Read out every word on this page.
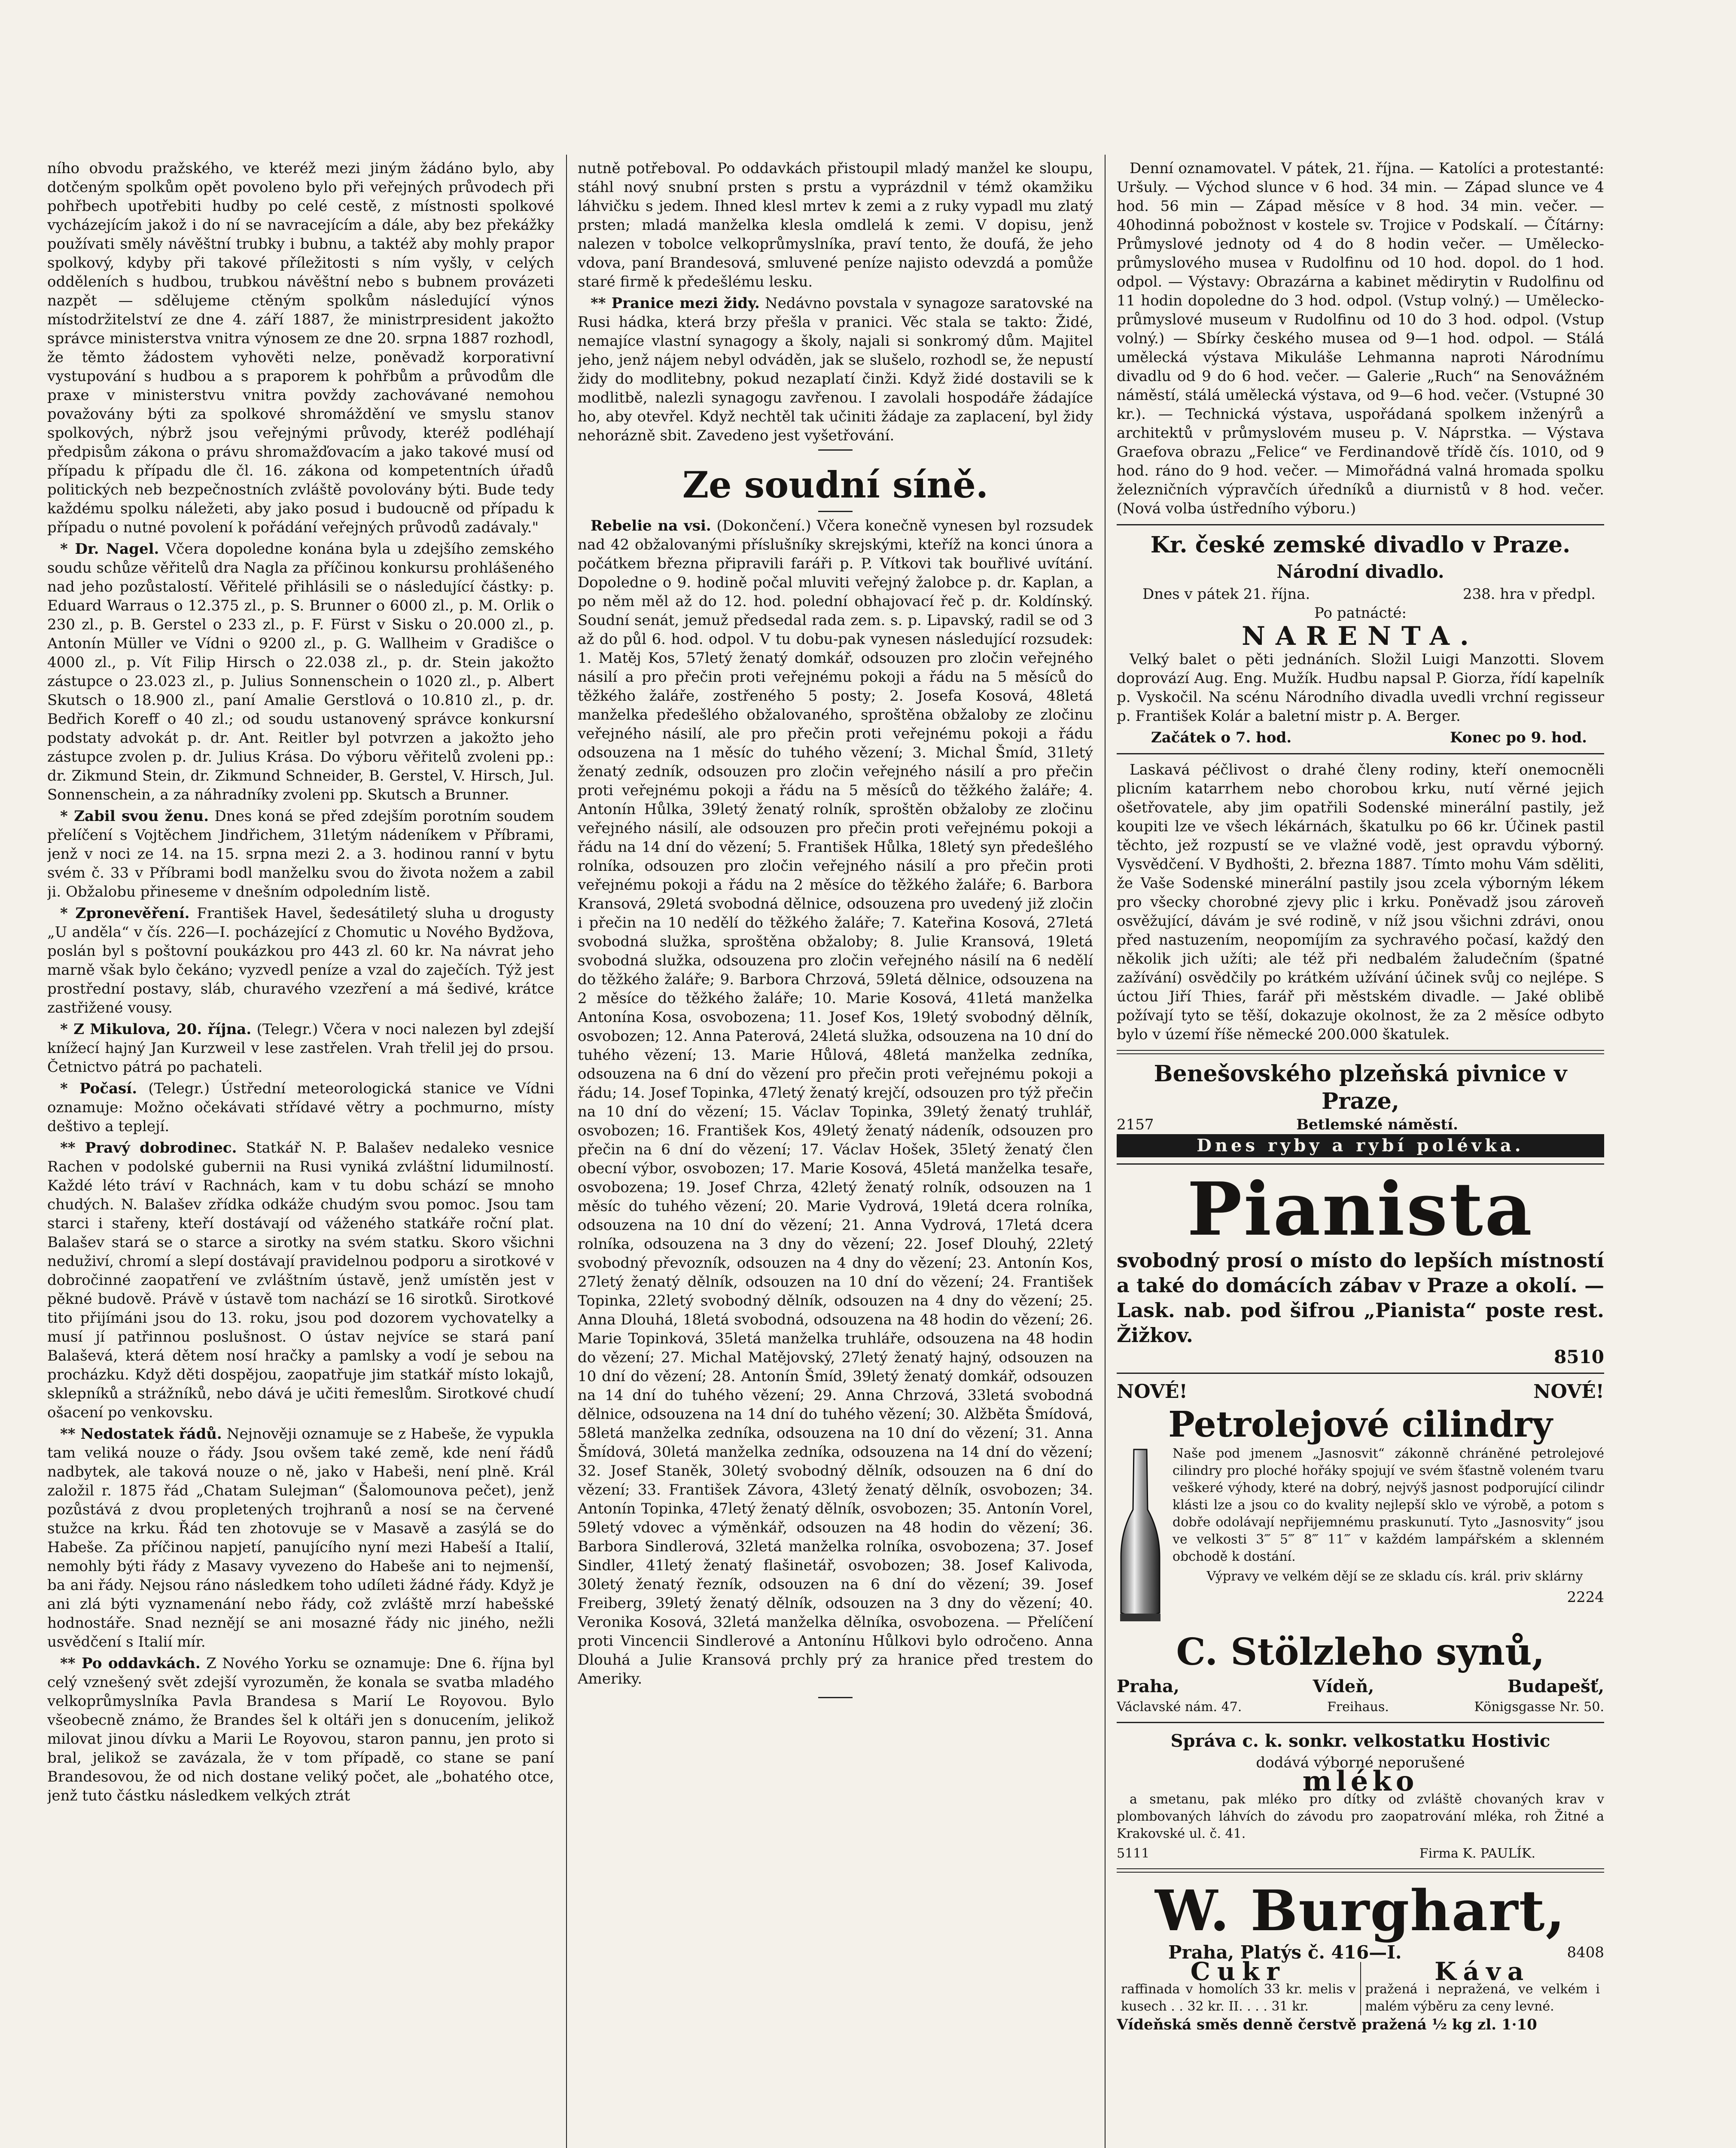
ního obvodu pražského, ve kteréž mezi jiným žádáno bylo, aby dotčeným spolkům opět povoleno bylo při veřejných průvodech při pohřbech upotřebiti hudby po celé cestě, z místnosti spolkové vycházejícím jakož i do ní se navracejícím a dále, aby bez překážky používati směly návěštní trubky i bubnu, a taktéž aby mohly prapor spolkový, kdyby při takové příležitosti s ním vyšly, v celých odděleních s hudbou, trubkou návěštní nebo s bubnem provázeti nazpět — sdělujeme ctěným spolkům následující výnos místodržitelství ze dne 4. září 1887, že ministrpresident jakožto správce ministerstva vnitra výnosem ze dne 20. srpna 1887 rozhodl, že těmto žádostem vyhověti nelze, poněvadž korporativní vystupování s hudbou a s praporem k pohřbům a průvodům dle praxe v ministerstvu vnitra povždy zachovávané nemohou považovány býti za spolkové shromáždění ve smyslu stanov spolkových, nýbrž jsou veřejnými průvody, kteréž podléhají předpisům zákona o právu shromažďovacím a jako takové musí od případu k případu dle čl. 16. zákona od kompetentních úřadů politických neb bezpečnostních zvláště povolovány býti. Bude tedy každému spolku náležeti, aby jako posud i budoucně od případu k případu o nutné povolení k pořádání veřejných průvodů zadávaly."

* Dr. Nagel. Včera dopoledne konána byla u zdejšího zemského soudu schůze věřitelů dra Nagla za příčinou konkursu prohlášeného nad jeho pozůstalostí. Věřitelé přihlásili se o následující částky: p. Eduard Warraus o 12.375 zl., p. S. Brunner o 6000 zl., p. M. Orlik o 230 zl., p. B. Gerstel o 233 zl., p. F. Fürst v Sisku o 20.000 zl., p. Antonín Müller ve Vídni o 9200 zl., p. G. Wallheim v Gradišce o 4000 zl., p. Vít Filip Hirsch o 22.038 zl., p. dr. Stein jakožto zástupce o 23.023 zl., p. Julius Sonnenschein o 1020 zl., p. Albert Skutsch o 18.900 zl., paní Amalie Gerstlová o 10.810 zl., p. dr. Bedřich Koreff o 40 zl.; od soudu ustanovený správce konkursní podstaty advokát p. dr. Ant. Reitler byl potvrzen a jakožto jeho zástupce zvolen p. dr. Julius Krása. Do výboru věřitelů zvoleni pp.: dr. Zikmund Stein, dr. Zikmund Schneider, B. Gerstel, V. Hirsch, Jul. Sonnenschein, a za náhradníky zvoleni pp. Skutsch a Brunner.

* Zabil svou ženu. Dnes koná se před zdejším porotním soudem přelíčení s Vojtěchem Jindřichem, 31letým nádeníkem v Příbrami, jenž v noci ze 14. na 15. srpna mezi 2. a 3. hodinou ranní v bytu svém č. 33 v Příbrami bodl manželku svou do života nožem a zabil ji. Obžalobu přineseme v dnešním odpoledním listě.

* Zpronevěření. František Havel, šedesátiletý sluha u drogusty „U anděla“ v čís. 226—I. pocházející z Chomutic u Nového Bydžova, poslán byl s poštovní poukázkou pro 443 zl. 60 kr. Na návrat jeho marně však bylo čekáno; vyzvedl peníze a vzal do zaječích. Týž jest prostřední postavy, sláb, churavého vzezření a má šedivé, krátce zastřižené vousy.

* Z Mikulova, 20. října. (Telegr.) Včera v noci nalezen byl zdejší knížecí hajný Jan Kurzweil v lese zastřelen. Vrah třelil jej do prsou. Četnictvo pátrá po pachateli.

* Počasí. (Telegr.) Ústřední meteorologická stanice ve Vídni oznamuje: Možno očekávati střídavé větry a pochmurno, místy deštivo a teplejí.

** Pravý dobrodinec. Statkář N. P. Balašev nedaleko vesnice Rachen v podolské gubernii na Rusi vyniká zvláštní lidumilností. Každé léto tráví v Rachnách, kam v tu dobu schází se mnoho chudých. N. Balašev zřídka odkáže chudým svou pomoc. Jsou tam starci i stařeny, kteří dostávají od váženého statkáře roční plat. Balašev stará se o starce a sirotky na svém statku. Skoro všichni neduživí, chromí a slepí dostávají pravidelnou podporu a sirotkové v dobročinné zaopatření ve zvláštním ústavě, jenž umístěn jest v pěkné budově. Právě v ústavě tom nachází se 16 sirotků. Sirotkové tito přijímáni jsou do 13. roku, jsou pod dozorem vychovatelky a musí jí patřinnou poslušnost. O ústav nejvíce se stará paní Balaševá, která dětem nosí hračky a pamlsky a vodí je sebou na procházku. Když děti dospějou, zaopatřuje jim statkář místo lokajů, sklepníků a strážníků, nebo dává je učiti řemeslům. Sirotkové chudí ošacení po venkovsku.

** Nedostatek řádů. Nejnověji oznamuje se z Habeše, že vypukla tam veliká nouze o řády. Jsou ovšem také země, kde není řádů nadbytek, ale taková nouze o ně, jako v Habeši, není plně. Král založil r. 1875 řád „Chatam Sulejman“ (Šalomounova pečet), jenž pozůstává z dvou propletených trojhranů a nosí se na červené stužce na krku. Řád ten zhotovuje se v Masavě a zasýlá se do Habeše. Za příčinou napjetí, panujícího nyní mezi Habeší a Italií, nemohly býti řády z Masavy vyvezeno do Habeše ani to nejmenší, ba ani řády. Nejsou ráno následkem toho udíleti žádné řády. Když je ani zlá býti vyznamenání nebo řády, což zvláště mrzí habešské hodnostáře. Snad neznějí se ani mosazné řády nic jiného, nežli usvědčení s Italií mír.

** Po oddavkách. Z Nového Yorku se oznamuje: Dne 6. října byl celý vznešený svět zdejší vyrozuměn, že konala se svatba mladého velkoprůmyslníka Pavla Brandesa s Marií Le Royovou. Bylo všeobecně známo, že Brandes šel k oltáři jen s donucením, jelikož milovat jinou dívku a Marii Le Royovou, staron pannu, jen proto si bral, jelikož se zavázala, že v tom případě, co stane se paní Brandesovou, že od nich dostane veliký počet, ale „bohatého otce, jenž tuto částku následkem velkých ztrát

nutně potřeboval. Po oddavkách přistoupil mladý manžel ke sloupu, stáhl nový snubní prsten s prstu a vyprázdnil v témž okamžiku láhvičku s jedem. Ihned klesl mrtev k zemi a z ruky vypadl mu zlatý prsten; mladá manželka klesla omdlelá k zemi. V dopisu, jenž nalezen v tobolce velkoprůmyslníka, praví tento, že doufá, že jeho vdova, paní Brandesová, smluvené peníze najisto odevzdá a pomůže staré firmě k předešlému lesku.

** Pranice mezi židy. Nedávno povstala v synagoze saratovské na Rusi hádka, která brzy přešla v pranici. Věc stala se takto: Židé, nemajíce vlastní synagogy a školy, najali si sonkromý dům. Majitel jeho, jenž nájem nebyl odváděn, jak se slušelo, rozhodl se, že nepustí židy do modlitebny, pokud nezaplatí činži. Když židé dostavili se k modlitbě, nalezli synagogu zavřenou. I zavolali hospodáře žádajíce ho, aby otevřel. Když nechtěl tak učiniti žádaje za zaplacení, byl židy nehorázně sbit. Zavedeno jest vyšetřování.

Ze soudní síně.

Rebelie na vsi. (Dokončení.) Včera konečně vynesen byl rozsudek nad 42 obžalovanými příslušníky skrejskými, kteříž na konci února a počátkem března připravili faráři p. P. Vítkovi tak bouřlivé uvítání. Dopoledne o 9. hodině počal mluviti veřejný žalobce p. dr. Kaplan, a po něm měl až do 12. hod. polední obhajovací řeč p. dr. Koldínský. Soudní senát, jemuž předsedal rada zem. s. p. Lipavský, radil se od 3 až do půl 6. hod. odpol. V tu dobu-pak vynesen následující rozsudek: 1. Matěj Kos, 57letý ženatý domkář, odsouzen pro zločin veřejného násilí a pro přečin proti veřejnému pokoji a řádu na 5 měsíců do těžkého žaláře, zostřeného 5 posty; 2. Josefa Kosová, 48letá manželka předešlého obžalovaného, sproštěna obžaloby ze zločinu veřejného násilí, ale pro přečin proti veřejnému pokoji a řádu odsouzena na 1 měsíc do tuhého vězení; 3. Michal Šmíd, 31letý ženatý zedník, odsouzen pro zločin veřejného násilí a pro přečin proti veřejnému pokoji a řádu na 5 měsíců do těžkého žaláře; 4. Antonín Hůlka, 39letý ženatý rolník, sproštěn obžaloby ze zločinu veřejného násilí, ale odsouzen pro přečin proti veřejnému pokoji a řádu na 14 dní do vězení; 5. František Hůlka, 18letý syn předešlého rolníka, odsouzen pro zločin veřejného násilí a pro přečin proti veřejnému pokoji a řádu na 2 měsíce do těžkého žaláře; 6. Barbora Kransová, 29letá svobodná dělnice, odsouzena pro uvedený již zločin i přečin na 10 nedělí do těžkého žaláře; 7. Kateřina Kosová, 27letá svobodná služka, sproštěna obžaloby; 8. Julie Kransová, 19letá svobodná služka, odsouzena pro zločin veřejného násilí na 6 nedělí do těžkého žaláře; 9. Barbora Chrzová, 59letá dělnice, odsouzena na 2 měsíce do těžkého žaláře; 10. Marie Kosová, 41letá manželka Antonína Kosa, osvobozena; 11. Josef Kos, 19letý svobodný dělník, osvobozen; 12. Anna Paterová, 24letá služka, odsouzena na 10 dní do tuhého vězení; 13. Marie Hůlová, 48letá manželka zedníka, odsouzena na 6 dní do vězení pro přečin proti veřejnému pokoji a řádu; 14. Josef Topinka, 47letý ženatý krejčí, odsouzen pro týž přečin na 10 dní do vězení; 15. Václav Topinka, 39letý ženatý truhlář, osvobozen; 16. František Kos, 49letý ženatý nádeník, odsouzen pro přečin na 6 dní do vězení; 17. Václav Hošek, 35letý ženatý člen obecní výbor, osvobozen; 17. Marie Kosová, 45letá manželka tesaře, osvobozena; 19. Josef Chrza, 42letý ženatý rolník, odsouzen na 1 měsíc do tuhého vězení; 20. Marie Vydrová, 19letá dcera rolníka, odsouzena na 10 dní do vězení; 21. Anna Vydrová, 17letá dcera rolníka, odsouzena na 3 dny do vězení; 22. Josef Dlouhý, 22letý svobodný převozník, odsouzen na 4 dny do vězení; 23. Antonín Kos, 27letý ženatý dělník, odsouzen na 10 dní do vězení; 24. František Topinka, 22letý svobodný dělník, odsouzen na 4 dny do vězení; 25. Anna Dlouhá, 18letá svobodná, odsouzena na 48 hodin do vězení; 26. Marie Topinková, 35letá manželka truhláře, odsouzena na 48 hodin do vězení; 27. Michal Matějovský, 27letý ženatý hajný, odsouzen na 10 dní do vězení; 28. Antonín Šmíd, 39letý ženatý domkář, odsouzen na 14 dní do tuhého vězení; 29. Anna Chrzová, 33letá svobodná dělnice, odsouzena na 14 dní do tuhého vězení; 30. Alžběta Šmídová, 58letá manželka zedníka, odsouzena na 10 dní do vězení; 31. Anna Šmídová, 30letá manželka zedníka, odsouzena na 14 dní do vězení; 32. Josef Staněk, 30letý svobodný dělník, odsouzen na 6 dní do vězení; 33. František Závora, 43letý ženatý dělník, osvobozen; 34. Antonín Topinka, 47letý ženatý dělník, osvobozen; 35. Antonín Vorel, 59letý vdovec a výměnkář, odsouzen na 48 hodin do vězení; 36. Barbora Sindlerová, 32letá manželka rolníka, osvobozena; 37. Josef Sindler, 41letý ženatý flašinetář, osvobozen; 38. Josef Kalivoda, 30letý ženatý řezník, odsouzen na 6 dní do vězení; 39. Josef Freiberg, 39letý ženatý dělník, odsouzen na 3 dny do vězení; 40. Veronika Kosová, 32letá manželka dělníka, osvobozena. — Přelíčení proti Vincencii Sindlerové a Antonínu Hůlkovi bylo odročeno. Anna Dlouhá a Julie Kransová prchly prý za hranice před trestem do Ameriky.

Denní oznamovatel. V pátek, 21. října. — Katolíci a protestanté: Uršuly. — Východ slunce v 6 hod. 34 min. — Západ slunce ve 4 hod. 56 min — Západ měsíce v 8 hod. 34 min. večer. — 40hodinná pobožnost v kostele sv. Trojice v Podskalí. — Čítárny: Průmyslové jednoty od 4 do 8 hodin večer. — Umělecko-průmyslového musea v Rudolfinu od 10 hod. dopol. do 1 hod. odpol. — Výstavy: Obrazárna a kabinet mědirytin v Rudolfinu od 11 hodin dopoledne do 3 hod. odpol. (Vstup volný.) — Umělecko-průmyslové museum v Rudolfinu od 10 do 3 hod. odpol. (Vstup volný.) — Sbírky českého musea od 9—1 hod. odpol. — Stálá umělecká výstava Mikuláše Lehmanna naproti Národnímu divadlu od 9 do 6 hod. večer. — Galerie „Ruch“ na Senovážném náměstí, stálá umělecká výstava, od 9—6 hod. večer. (Vstupné 30 kr.). — Technická výstava, uspořádaná spolkem inženýrů a architektů v průmyslovém museu p. V. Náprstka. — Výstava Graefova obrazu „Felice“ ve Ferdinandově třídě čís. 1010, od 9 hod. ráno do 9 hod. večer. — Mimořádná valná hromada spolku železničních výpravčích úředníků a diurnistů v 8 hod. večer. (Nová volba ústředního výboru.)

Kr. české zemské divadlo v Praze.
Národní divadlo.
Dnes v pátek 21. října.	238. hra v předpl.
Po patnácté:
NARENTA.

Velký balet o pěti jednáních. Složil Luigi Manzotti. Slovem doprovází Aug. Eng. Mužík. Hudbu napsal P. Giorza, řídí kapelník p. Vyskočil. Na scénu Národního divadla uvedli vrchní regisseur p. František Kolár a baletní mistr p. A. Berger.

Začátek o 7. hod.	Konec po 9. hod.

Laskavá péčlivost o drahé členy rodiny, kteří onemocněli plicním katarrhem nebo chorobou krku, nutí věrné jejich ošetřovatele, aby jim opatřili Sodenské minerální pastily, jež koupiti lze ve všech lékárnách, škatulku po 66 kr. Účinek pastil těchto, jež rozpustí se ve vlažné vodě, jest opravdu výborný. Vysvědčení. V Bydhošti, 2. března 1887. Tímto mohu Vám sděliti, že Vaše Sodenské minerální pastily jsou zcela výborným lékem pro všecky chorobné zjevy plic i krku. Poněvadž jsou zároveň osvěžující, dávám je své rodině, v níž jsou všichni zdrávi, onou před nastuzením, neopomíjím za sychravého počasí, každý den několik jich užíti; ale též při nedbalém žaludečním (špatné zažívání) osvědčily po krátkém užívání účinek svůj co nejlépe. S úctou Jiří Thies, farář při městském divadle. — Jaké oblibě požívají tyto se těší, dokazuje okolnost, že za 2 měsíce odbyto bylo v území říše německé 200.000 škatulek.

Benešovského plzeňská pivnice v Praze,
2157	Betlemské náměstí.
Dnes ryby a rybí polévka.
Pianista
svobodný prosí o místo do lepších místností a také do domácích zábav v Praze a okolí. — Lask. nab. pod šifrou „Pianista“ poste rest. Žižkov.
8510
NOVÉ!	NOVÉ!
Petrolejové cilindry

Naše pod jmenem „Jasnosvit“ zákonně chráněné petrolejové cilindry pro ploché hořáky spojují ve svém šťastně voleném tvaru veškeré výhody, které na dobrý, nejvýš jasnost podporující cilindr klásti lze a jsou co do kvality nejlepší sklo ve výrobě, a potom s dobře odolávají nepřijemnému praskunutí. Tyto „Jasnosvity“ jsou ve velkosti 3‴ 5‴ 8‴ 11‴ v každém lampářském a sklenném obchodě k dostání.

Výpravy ve velkém dějí se ze skladu cís. král. priv sklárny

2224
C. Stölzleho synů,
Praha,	Vídeň,	Budapešť,
Václavské nám. 47.	Freihaus.	Königsgasse Nr. 50.
Správa c. k. sonkr. velkostatku Hostivic
dodává výborné neporušené
mléko

a smetanu, pak mléko pro dítky od zvláště chovaných krav v plombovaných láhvích do závodu pro zaopatrování mléka, roh Žitné a Krakovské ul. č. 41.

5111	Firma K. PAULÍK.
W. Burghart,
Praha, Platýs č. 416—I.	8408
Cukr
raffinada v homolích 33 kr. melis v kusech . . 32 kr. II. . . . 31 kr.
Káva
pražená i nepražená, ve velkém i malém výběru za ceny levné.
Vídeňská směs denně čerstvě pražená ½ kg zl. 1·10
